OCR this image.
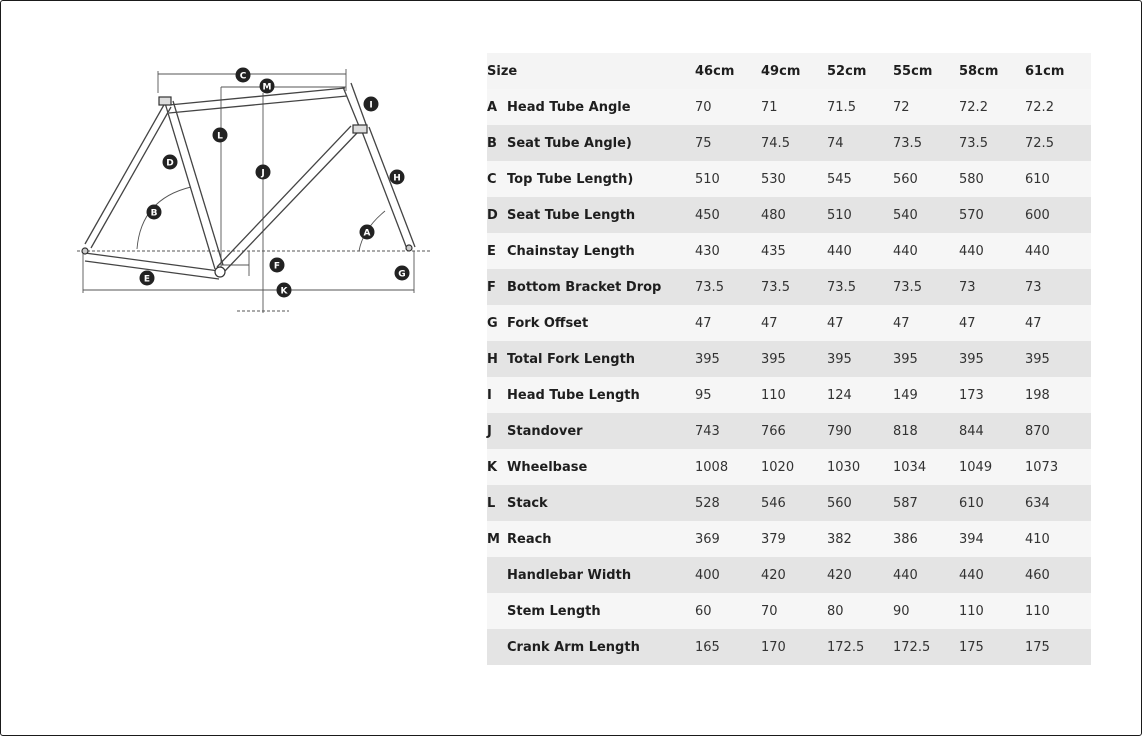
A
B
C
D
E
F
G
H
I
J
K
L
M
Size		46cm	49cm	52cm	55cm	58cm	61cm
A	Head Tube Angle	70	71	71.5	72	72.2	72.2
B	Seat Tube Angle)	75	74.5	74	73.5	73.5	72.5
C	Top Tube Length)	510	530	545	560	580	610
D	Seat Tube Length	450	480	510	540	570	600
E	Chainstay Length	430	435	440	440	440	440
F	Bottom Bracket Drop	73.5	73.5	73.5	73.5	73	73
G	Fork Offset	47	47	47	47	47	47
H	Total Fork Length	395	395	395	395	395	395
I	Head Tube Length	95	110	124	149	173	198
J	Standover	743	766	790	818	844	870
K	Wheelbase	1008	1020	1030	1034	1049	1073
L	Stack	528	546	560	587	610	634
M	Reach	369	379	382	386	394	410
	Handlebar Width	400	420	420	440	440	460
	Stem Length	60	70	80	90	110	110
	Crank Arm Length	165	170	172.5	172.5	175	175
